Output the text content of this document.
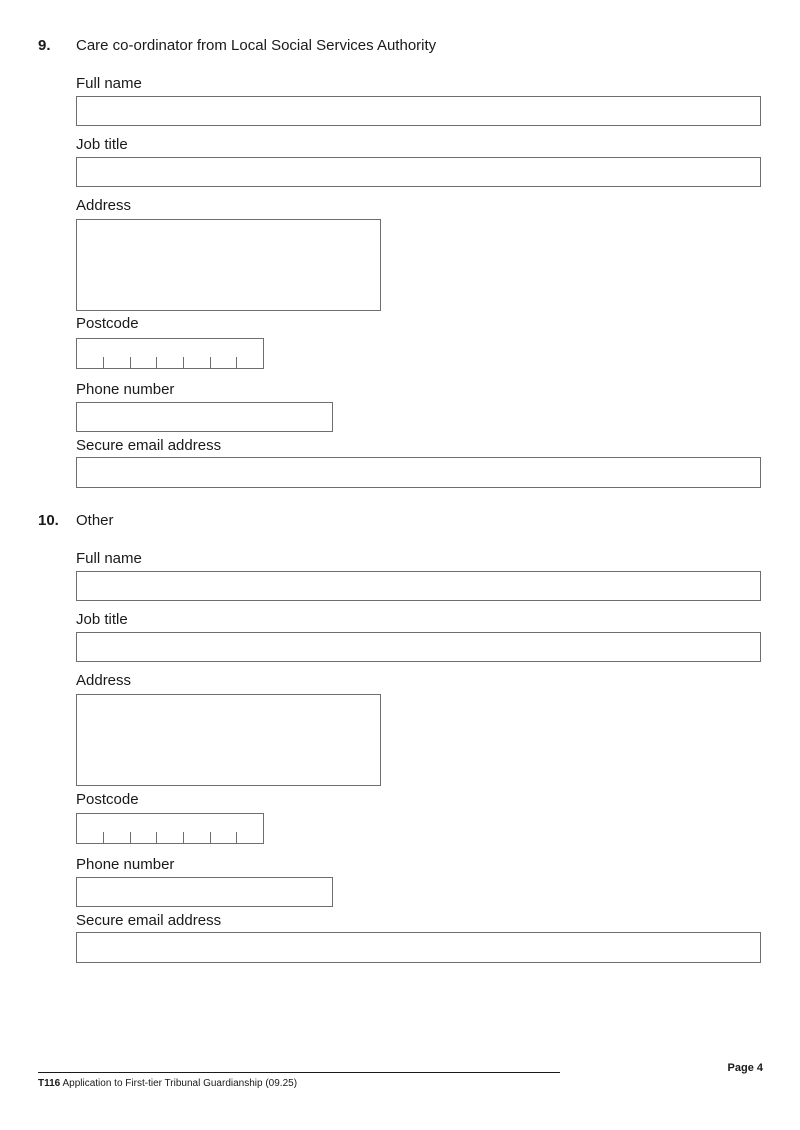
9. Care co-ordinator from Local Social Services Authority
Full name
Job title
Address
Postcode
Phone number
Secure email address
10. Other
Full name
Job title
Address
Postcode
Phone number
Secure email address
Page 4
T116 Application to First-tier Tribunal Guardianship (09.25)
